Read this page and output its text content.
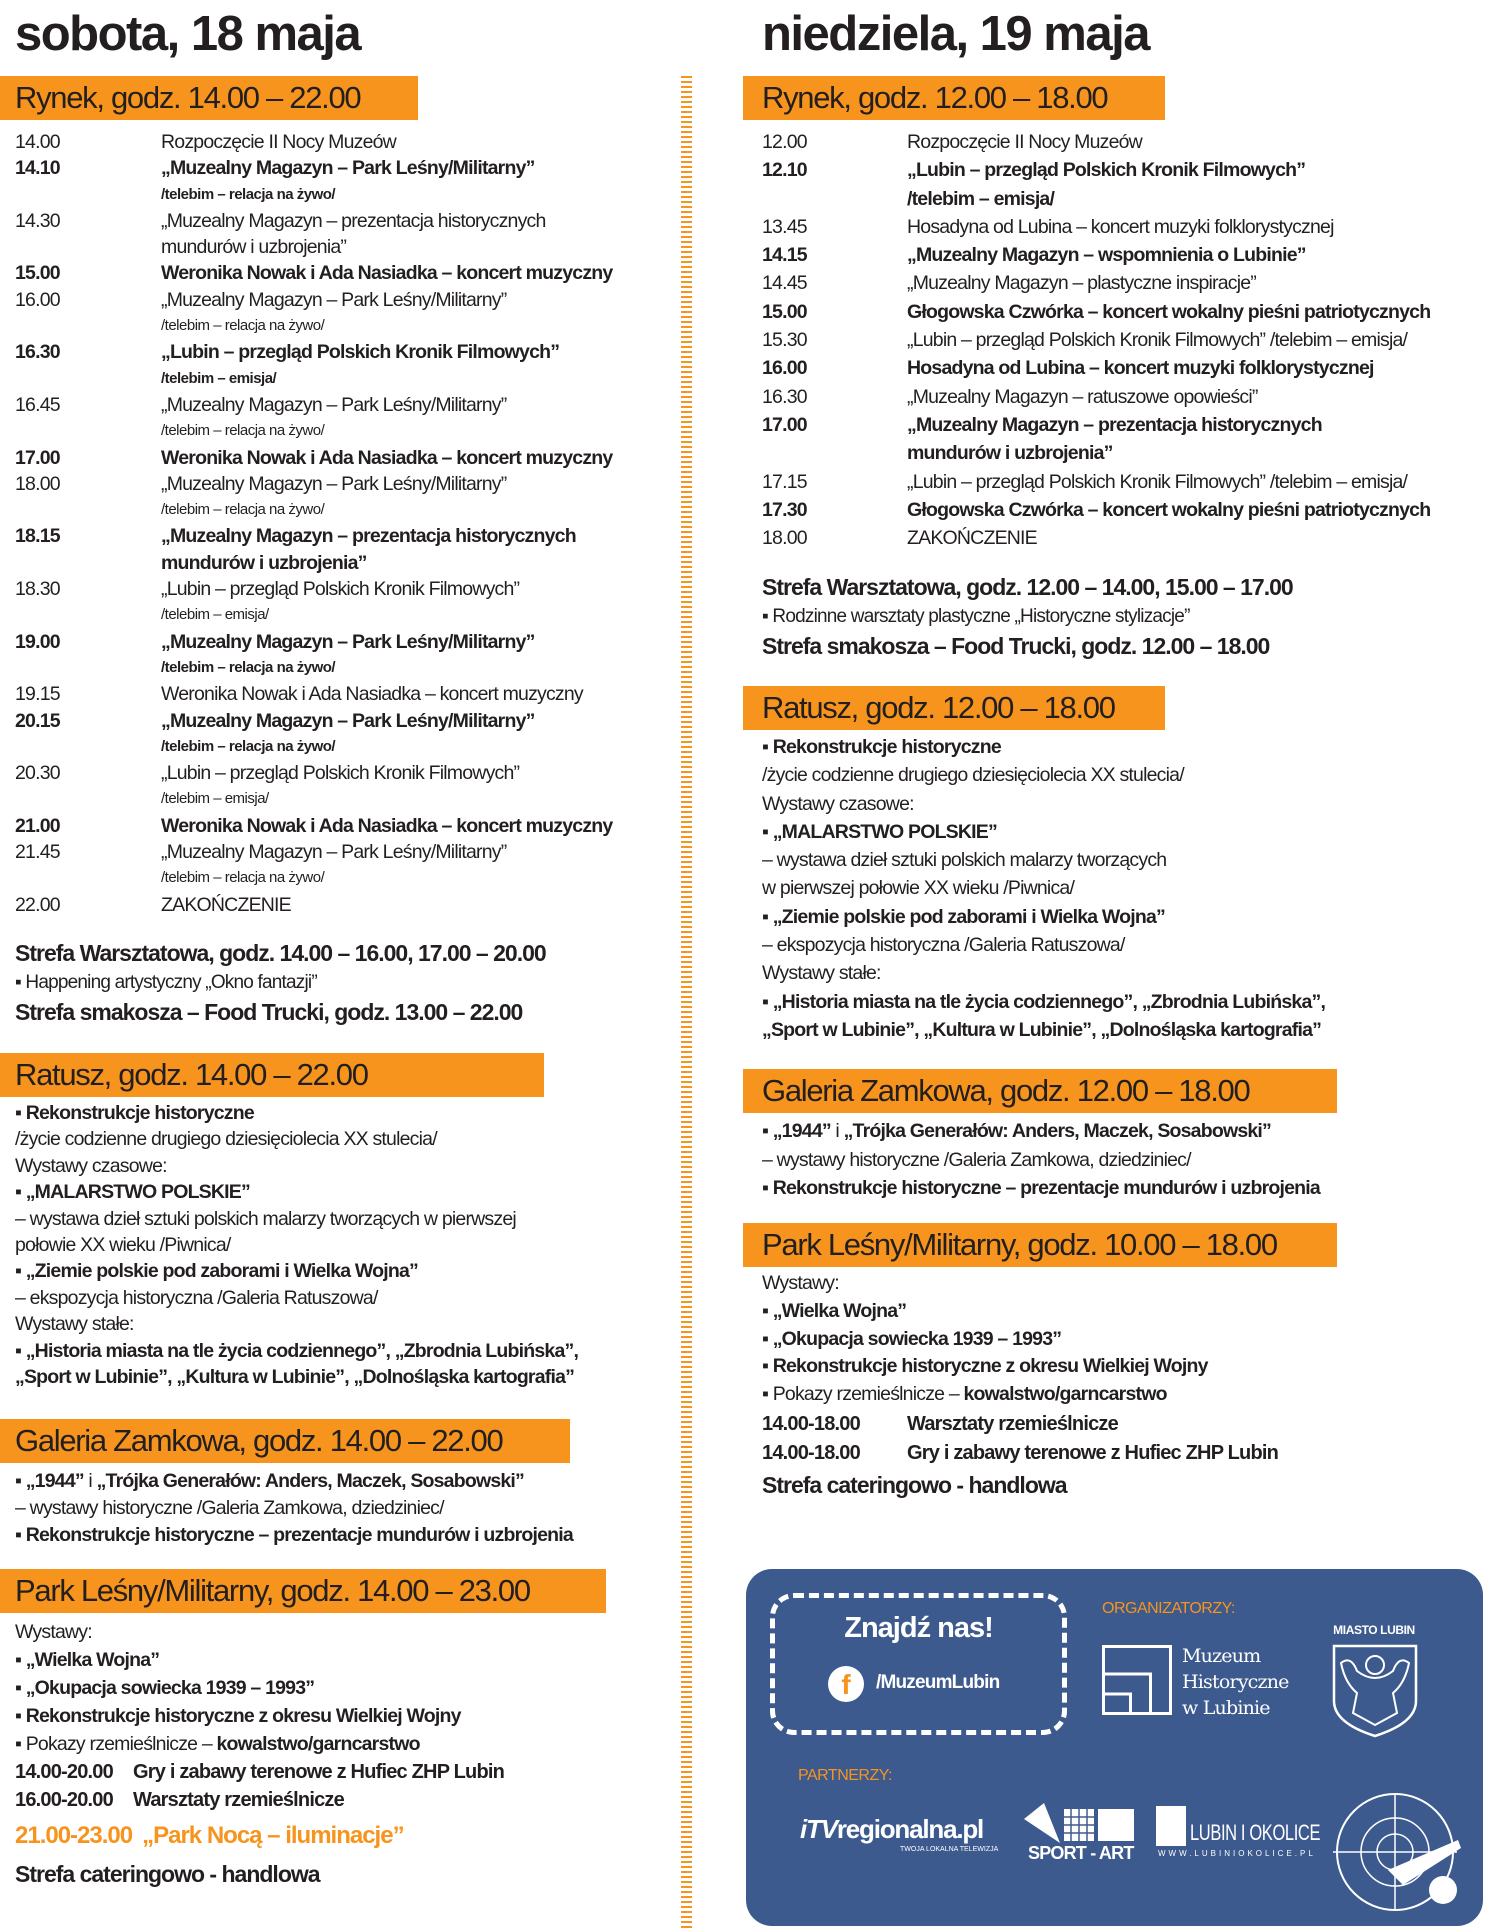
sobota, 18 maja	niedziela, 19 maja
Rynek, godz. 14.00 – 22.00
14.00	Rozpoczęcie II Nocy Muzeów
14.10	„Muzealny Magazyn – Park Leśny/Militarny”
/telebim – relacja na żywo/
14.30	„Muzealny Magazyn – prezentacja historycznych
mundurów i uzbrojenia”
15.00	Weronika Nowak i Ada Nasiadka – koncert muzyczny
16.00	„Muzealny Magazyn – Park Leśny/Militarny”
/telebim – relacja na żywo/
16.30	„Lubin – przegląd Polskich Kronik Filmowych”
/telebim – emisja/
16.45	„Muzealny Magazyn – Park Leśny/Militarny”
/telebim – relacja na żywo/
17.00	Weronika Nowak i Ada Nasiadka – koncert muzyczny
18.00	„Muzealny Magazyn – Park Leśny/Militarny”
/telebim – relacja na żywo/
18.15	„Muzealny Magazyn – prezentacja historycznych
mundurów i uzbrojenia”
18.30	„Lubin – przegląd Polskich Kronik Filmowych”
/telebim – emisja/
19.00	„Muzealny Magazyn – Park Leśny/Militarny”
/telebim – relacja na żywo/
19.15	Weronika Nowak i Ada Nasiadka – koncert muzyczny
20.15	„Muzealny Magazyn – Park Leśny/Militarny”
/telebim – relacja na żywo/
20.30	„Lubin – przegląd Polskich Kronik Filmowych”
/telebim – emisja/
21.00	Weronika Nowak i Ada Nasiadka – koncert muzyczny
21.45	„Muzealny Magazyn – Park Leśny/Militarny”
/telebim – relacja na żywo/
22.00	ZAKOŃCZENIE
Strefa Warsztatowa, godz. 14.00 – 16.00, 17.00 – 20.00
▪ Happening artystyczny „Okno fantazji”
Strefa smakosza – Food Trucki, godz. 13.00 – 22.00
Ratusz, godz. 14.00 – 22.00
▪ Rekonstrukcje historyczne
/życie codzienne drugiego dziesięciolecia XX stulecia/
Wystawy czasowe:
▪ „MALARSTWO POLSKIE”
– wystawa dzieł sztuki polskich malarzy tworzących w pierwszej
połowie XX wieku /Piwnica/
▪ „Ziemie polskie pod zaborami i Wielka Wojna”
– ekspozycja historyczna /Galeria Ratuszowa/
Wystawy stałe:
▪ „Historia miasta na tle życia codziennego”, „Zbrodnia Lubińska”,
„Sport w Lubinie”, „Kultura w Lubinie”, „Dolnośląska kartografia”
Galeria Zamkowa, godz. 14.00 – 22.00
▪ „1944” i „Trójka Generałów: Anders, Maczek, Sosabowski”
– wystawy historyczne /Galeria Zamkowa, dziedziniec/
▪ Rekonstrukcje historyczne – prezentacje mundurów i uzbrojenia
Park Leśny/Militarny, godz. 14.00 – 23.00
Wystawy:
▪ „Wielka Wojna”
▪ „Okupacja sowiecka 1939 – 1993”
▪ Rekonstrukcje historyczne z okresu Wielkiej Wojny
▪ Pokazy rzemieślnicze – kowalstwo/garncarstwo
14.00-20.00 Gry i zabawy terenowe z Hufiec ZHP Lubin
16.00-20.00 Warsztaty rzemieślnicze
21.00-23.00 „Park Nocą – iluminacje”
Strefa cateringowo - handlowa
Rynek, godz. 12.00 – 18.00
12.00	Rozpoczęcie II Nocy Muzeów
12.10	„Lubin – przegląd Polskich Kronik Filmowych”
/telebim – emisja/
13.45	Hosadyna od Lubina – koncert muzyki folklorystycznej
14.15	„Muzealny Magazyn – wspomnienia o Lubinie”
14.45	„Muzealny Magazyn – plastyczne inspiracje”
15.00	Głogowska Czwórka – koncert wokalny pieśni patriotycznych
15.30	„Lubin – przegląd Polskich Kronik Filmowych” /telebim – emisja/
16.00	Hosadyna od Lubina – koncert muzyki folklorystycznej
16.30	„Muzealny Magazyn – ratuszowe opowieści”
17.00	„Muzealny Magazyn – prezentacja historycznych
mundurów i uzbrojenia”
17.15	„Lubin – przegląd Polskich Kronik Filmowych” /telebim – emisja/
17.30	Głogowska Czwórka – koncert wokalny pieśni patriotycznych
18.00	ZAKOŃCZENIE
Strefa Warsztatowa, godz. 12.00 – 14.00, 15.00 – 17.00
▪ Rodzinne warsztaty plastyczne „Historyczne stylizacje”
Strefa smakosza – Food Trucki, godz. 12.00 – 18.00
Ratusz, godz. 12.00 – 18.00
▪ Rekonstrukcje historyczne
/życie codzienne drugiego dziesięciolecia XX stulecia/
Wystawy czasowe:
▪ „MALARSTWO POLSKIE”
– wystawa dzieł sztuki polskich malarzy tworzących
w pierwszej połowie XX wieku /Piwnica/
▪ „Ziemie polskie pod zaborami i Wielka Wojna”
– ekspozycja historyczna /Galeria Ratuszowa/
Wystawy stałe:
▪ „Historia miasta na tle życia codziennego”, „Zbrodnia Lubińska”,
„Sport w Lubinie”, „Kultura w Lubinie”, „Dolnośląska kartografia”
Galeria Zamkowa, godz. 12.00 – 18.00
▪ „1944” i „Trójka Generałów: Anders, Maczek, Sosabowski”
– wystawy historyczne /Galeria Zamkowa, dziedziniec/
▪ Rekonstrukcje historyczne – prezentacje mundurów i uzbrojenia
Park Leśny/Militarny, godz. 10.00 – 18.00
Wystawy:
▪ „Wielka Wojna”
▪ „Okupacja sowiecka 1939 – 1993”
▪ Rekonstrukcje historyczne z okresu Wielkiej Wojny
▪ Pokazy rzemieślnicze – kowalstwo/garncarstwo
14.00-18.00 Warsztaty rzemieślnicze
14.00-18.00 Gry i zabawy terenowe z Hufiec ZHP Lubin
Strefa cateringowo - handlowa
Znajdź nas!
f	/MuzeumLubin
ORGANIZATORZY:
Muzeum
Historyczne
w Lubinie
MIASTO LUBIN
PARTNERZY:
iTVregionalna.pl
TWOJA LOKALNA TELEWIZJA SPORT - ART
LUBIN I OKOLICE
WWW.LUBINIOKOLICE.PL
